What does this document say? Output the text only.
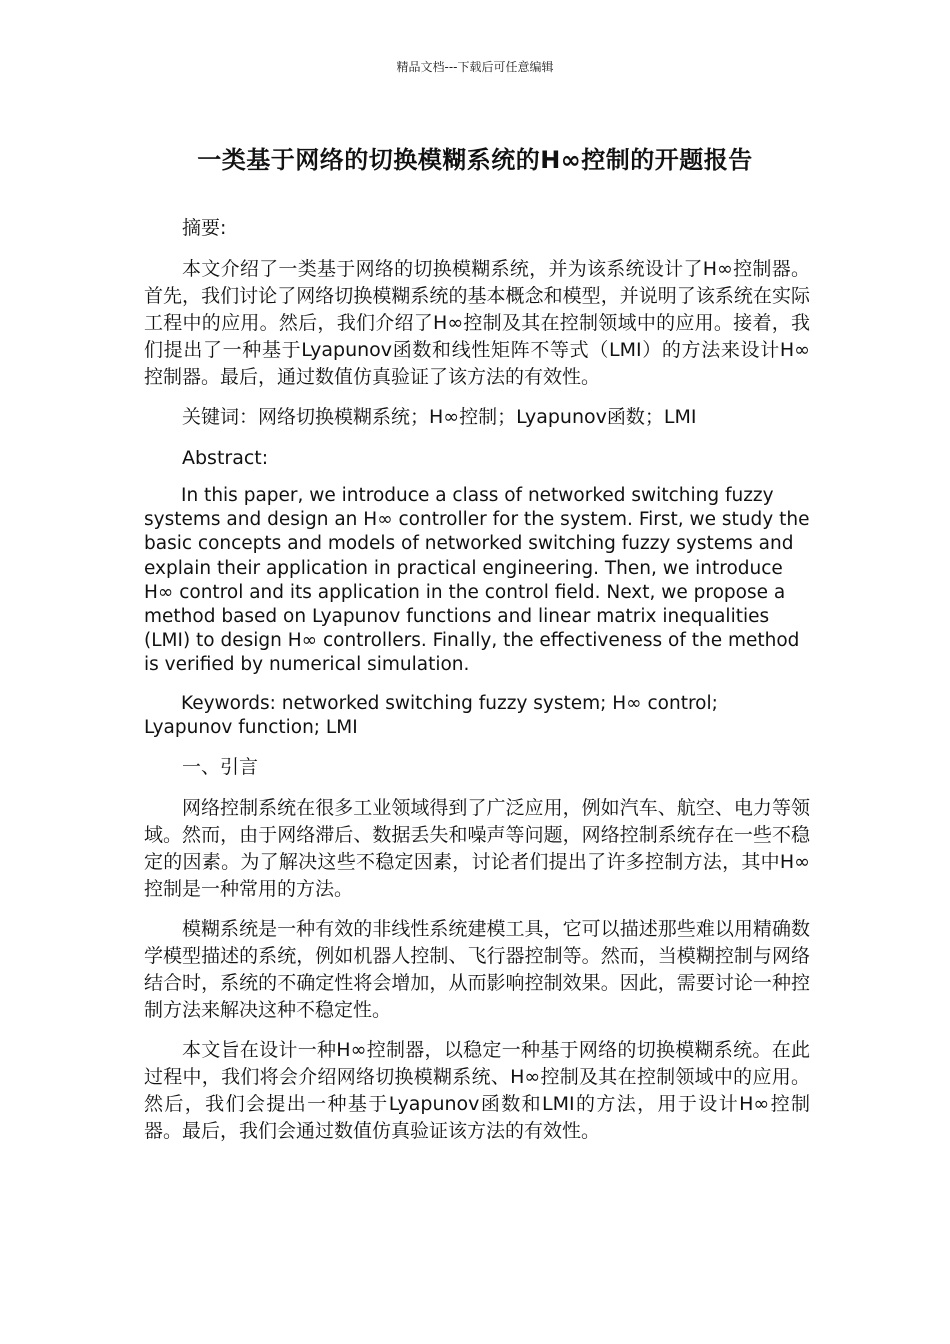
精品文档---下载后可任意编辑
一类基于网络的切换模糊系统的H∞控制的开题报告

摘要:

本文介绍了一类基于网络的切换模糊系统，并为该系统设计了H∞控制器。首先，我们讨论了网络切换模糊系统的基本概念和模型，并说明了该系统在实际工程中的应用。然后，我们介绍了H∞控制及其在控制领域中的应用。接着，我们提出了一种基于Lyapunov函数和线性矩阵不等式（LMI）的方法来设计H∞控制器。最后，通过数值仿真验证了该方法的有效性。

关键词：网络切换模糊系统；H∞控制；Lyapunov函数；LMI

Abstract:

In this paper, we introduce a class of networked switching fuzzy systems and design an H∞ controller for the system. First, we study the basic concepts and models of networked switching fuzzy systems and explain their application in practical engineering. Then, we introduce H∞ control and its application in the control field. Next, we propose a method based on Lyapunov functions and linear matrix inequalities (LMI) to design H∞ controllers. Finally, the effectiveness of the method is verified by numerical simulation.

Keywords: networked switching fuzzy system; H∞ control; Lyapunov function; LMI

一、引言

网络控制系统在很多工业领域得到了广泛应用，例如汽车、航空、电力等领域。然而，由于网络滞后、数据丢失和噪声等问题，网络控制系统存在一些不稳定的因素。为了解决这些不稳定因素，讨论者们提出了许多控制方法，其中H∞控制是一种常用的方法。

模糊系统是一种有效的非线性系统建模工具，它可以描述那些难以用精确数学模型描述的系统，例如机器人控制、飞行器控制等。然而，当模糊控制与网络结合时，系统的不确定性将会增加，从而影响控制效果。因此，需要讨论一种控制方法来解决这种不稳定性。

本文旨在设计一种H∞控制器，以稳定一种基于网络的切换模糊系统。在此过程中，我们将会介绍网络切换模糊系统、H∞控制及其在控制领域中的应用。然后，我们会提出一种基于Lyapunov函数和LMI的方法，用于设计H∞控制器。最后，我们会通过数值仿真验证该方法的有效性。
